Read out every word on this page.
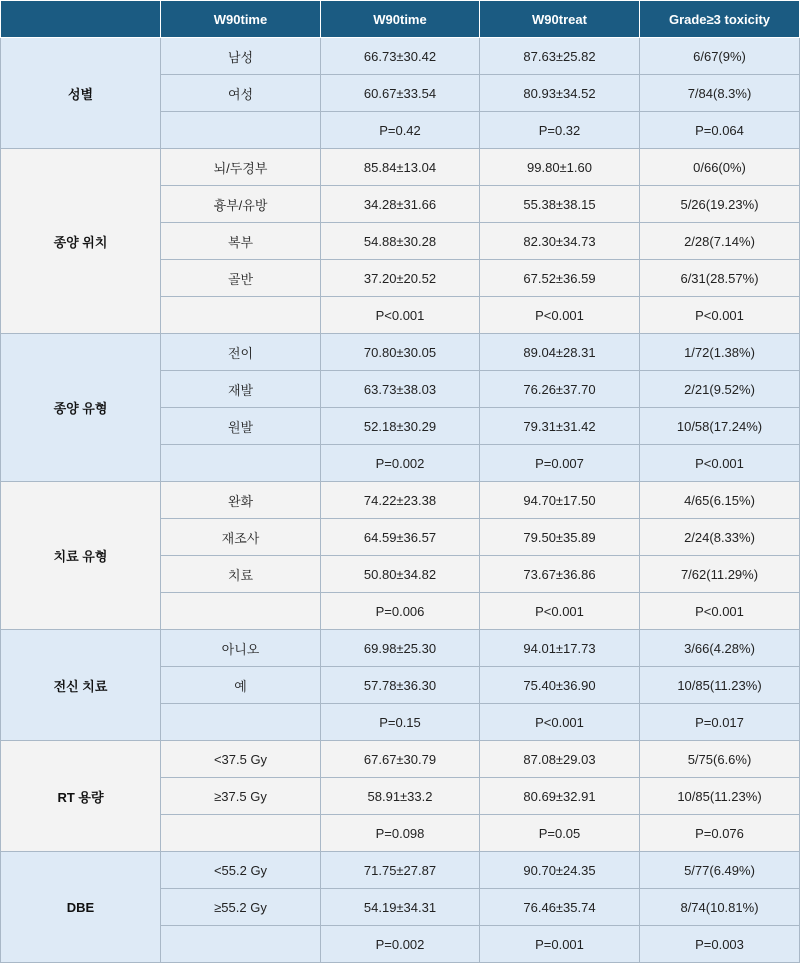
	W90time	W90time	W90treat	Grade≥3 toxicity
성별	남성	66.73±30.42	87.63±25.82	6/67(9%)
	여성	60.67±33.54	80.93±34.52	7/84(8.3%)
		P=0.42	P=0.32	P=0.064
종양 위치	뇌/두경부	85.84±13.04	99.80±1.60	0/66(0%)
	흉부/유방	34.28±31.66	55.38±38.15	5/26(19.23%)
	복부	54.88±30.28	82.30±34.73	2/28(7.14%)
	골반	37.20±20.52	67.52±36.59	6/31(28.57%)
		P<0.001	P<0.001	P<0.001
종양 유형	전이	70.80±30.05	89.04±28.31	1/72(1.38%)
	재발	63.73±38.03	76.26±37.70	2/21(9.52%)
	원발	52.18±30.29	79.31±31.42	10/58(17.24%)
		P=0.002	P=0.007	P<0.001
치료 유형	완화	74.22±23.38	94.70±17.50	4/65(6.15%)
	재조사	64.59±36.57	79.50±35.89	2/24(8.33%)
	치료	50.80±34.82	73.67±36.86	7/62(11.29%)
		P=0.006	P<0.001	P<0.001
전신 치료	아니오	69.98±25.30	94.01±17.73	3/66(4.28%)
	예	57.78±36.30	75.40±36.90	10/85(11.23%)
		P=0.15	P<0.001	P=0.017
RT 용량	<37.5 Gy	67.67±30.79	87.08±29.03	5/75(6.6%)
	≥37.5 Gy	58.91±33.2	80.69±32.91	10/85(11.23%)
		P=0.098	P=0.05	P=0.076
DBE	<55.2 Gy	71.75±27.87	90.70±24.35	5/77(6.49%)
	≥55.2 Gy	54.19±34.31	76.46±35.74	8/74(10.81%)
		P=0.002	P=0.001	P=0.003
